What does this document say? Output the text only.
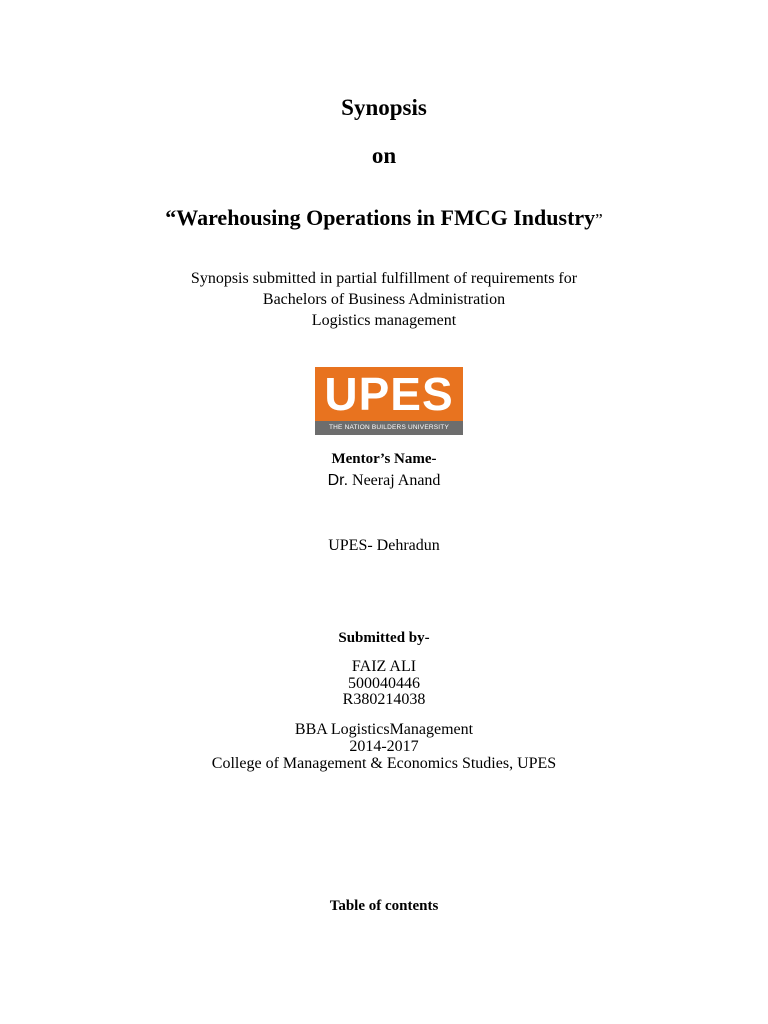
Synopsis
on
“Warehousing Operations in FMCG Industry”
Synopsis submitted in partial fulfillment of requirements for
Bachelors of Business Administration
Logistics management
UPES
THE NATION BUILDERS UNIVERSITY
Mentor’s Name-
Dr. Neeraj Anand
UPES- Dehradun
Submitted by-
FAIZ ALI
500040446
R380214038
BBA LogisticsManagement
2014-2017
College of Management & Economics Studies, UPES
Table of contents
